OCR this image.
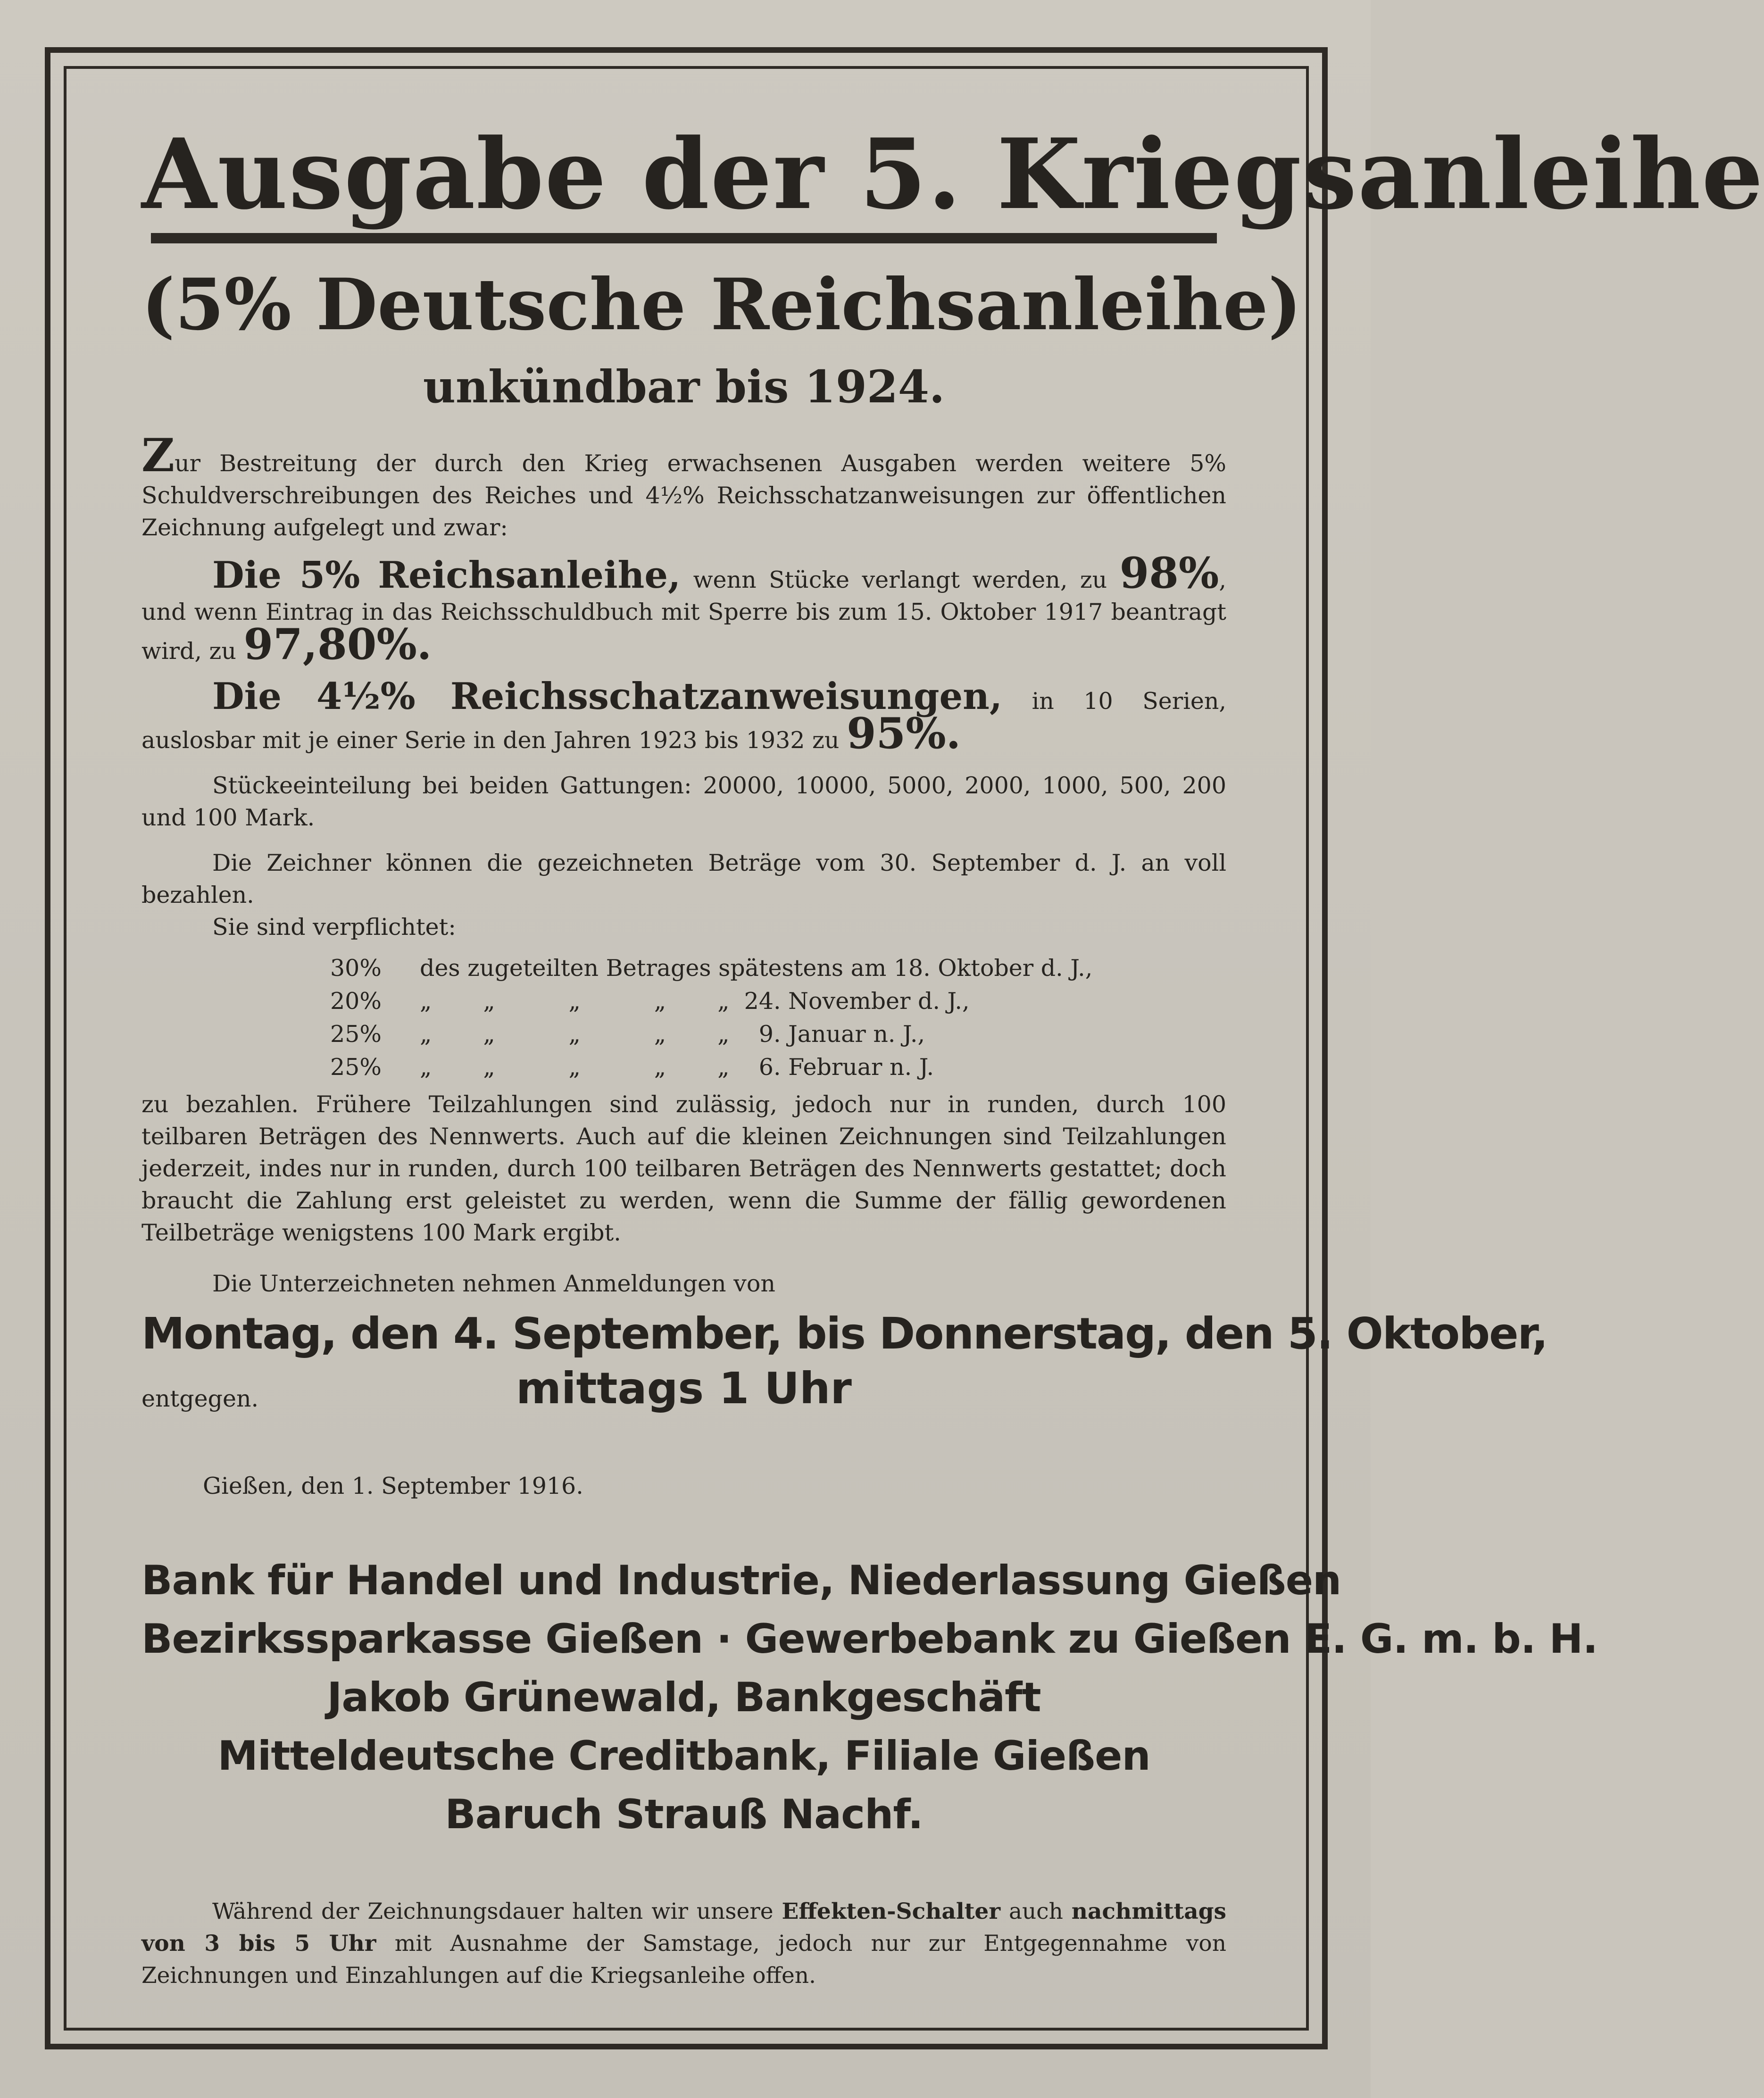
Ausgabe der 5. Kriegsanleihe
(5% Deutsche Reichsanleihe)
unkündbar bis 1924.

Zur Bestreitung der durch den Krieg erwachsenen Ausgaben werden weitere 5% Schuldverschreibungen des Reiches und 4½% Reichsschatzanweisungen zur öffentlichen Zeichnung aufgelegt und zwar:

Die 5% Reichsanleihe, wenn Stücke verlangt werden, zu 98%, und wenn Eintrag in das Reichsschuldbuch mit Sperre bis zum 15. Oktober 1917 beantragt wird, zu 97,80%.

Die 4½% Reichsschatzanweisungen, in 10 Serien, auslosbar mit je einer Serie in den Jahren 1923 bis 1932 zu 95%.

Stückeeinteilung bei beiden Gattungen: 20000, 10000, 5000, 2000, 1000, 500, 200 und 100 Mark.

Die Zeichner können die gezeichneten Beträge vom 30. September d. J. an voll bezahlen.

Sie sind verpflichtet:

30%	des zugeteilten Betrages spätestens am 18. Oktober d. J.,
20%	„       „          „          „       „  24. November d. J.,
25%	„       „          „          „       „    9. Januar n. J.,
25%	„       „          „          „       „    6. Februar n. J.

zu bezahlen. Frühere Teilzahlungen sind zulässig, jedoch nur in runden, durch 100 teilbaren Beträgen des Nennwerts. Auch auf die kleinen Zeichnungen sind Teilzahlungen jederzeit, indes nur in runden, durch 100 teilbaren Beträgen des Nennwerts gestattet; doch braucht die Zahlung erst geleistet zu werden, wenn die Summe der fällig gewordenen Teilbeträge wenigstens 100 Mark ergibt.

Die Unterzeichneten nehmen Anmeldungen von

Montag, den 4. September, bis Donnerstag, den 5. Oktober,
mittags 1 Uhr
entgegen.

Gießen, den 1. September 1916.

Bank für Handel und Industrie, Niederlassung Gießen
Bezirkssparkasse Gießen · Gewerbebank zu Gießen E. G. m. b. H.
Jakob Grünewald, Bankgeschäft
Mitteldeutsche Creditbank, Filiale Gießen
Baruch Strauß Nachf.

Während der Zeichnungsdauer halten wir unsere Effekten-Schalter auch nachmittags von 3 bis 5 Uhr mit Ausnahme der Samstage, jedoch nur zur Entgegennahme von Zeichnungen und Einzahlungen auf die Kriegsanleihe offen.
